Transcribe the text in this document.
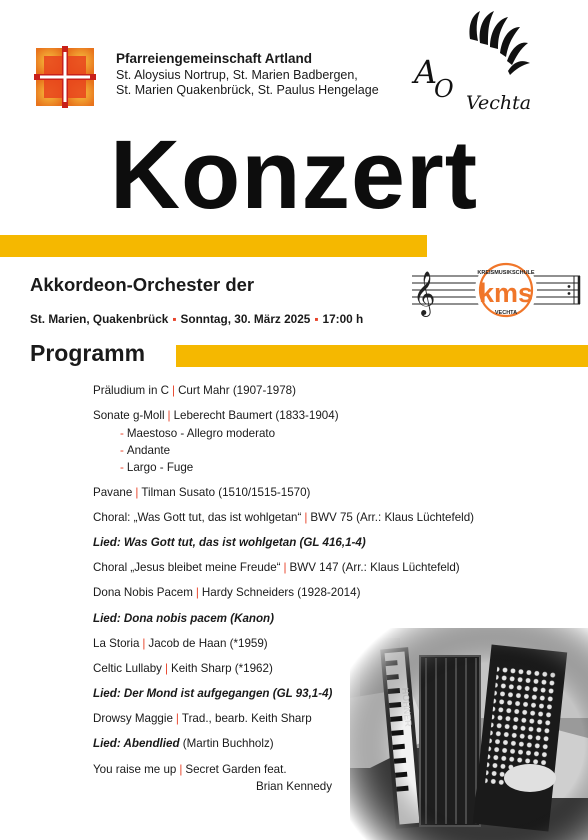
Pfarreiengemeinschaft Artland
St. Aloysius Nortrup, St. Marien Badbergen,
St. Marien Quakenbrück, St. Paulus Hengelage A
O Vechta
Konzert
Akkordeon-Orchester der
St. Marien, Quakenbrück ▪ Sonntag, 30. März 2025 ▪ 17:00 h
𝄞 kms
KREISMUSIKSCHULE
VECHTA
Programm
Präludium in C | Curt Mahr (1907-1978)
Sonate g-Moll | Leberecht Baumert (1833-1904)
- Maestoso - Allegro moderato
- Andante
- Largo - Fuge
Pavane | Tilman Susato (1510/1515-1570)
Choral: „Was Gott tut, das ist wohlgetan“ | BWV 75 (Arr.: Klaus Lüchtefeld)
Lied: Was Gott tut, das ist wohlgetan (GL 416,1-4)
Choral „Jesus bleibet meine Freude“ | BWV 147 (Arr.: Klaus Lüchtefeld)
Dona Nobis Pacem | Hardy Schneiders (1928-2014)
Lied: Dona nobis pacem (Kanon)
La Storia | Jacob de Haan (*1959)
Celtic Lullaby | Keith Sharp (*1962)
Lied: Der Mond ist aufgegangen (GL 93,1-4)
Drowsy Maggie | Trad., bearb. Keith Sharp
Lied: Abendlied (Martin Buchholz)
You raise me up | Secret Garden feat.
Brian Kennedy
